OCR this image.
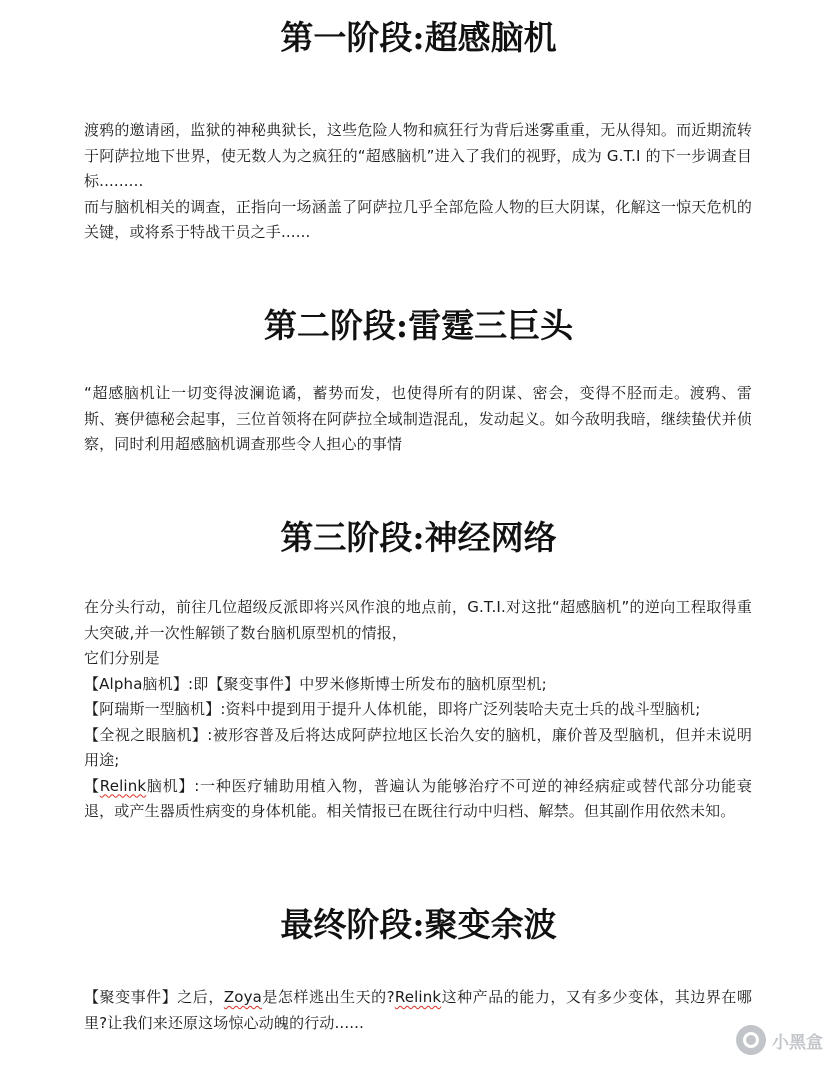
第一阶段:超感脑机

渡鸦的邀请函，监狱的神秘典狱长，这些危险人物和疯狂行为背后迷雾重重，无从得知。而近期流转于阿萨拉地下世界，使无数人为之疯狂的“超感脑机”进入了我们的视野，成为 G.T.I 的下一步调查目标.........

而与脑机相关的调查，正指向一场涵盖了阿萨拉几乎全部危险人物的巨大阴谋，化解这一惊天危机的关键，或将系于特战干员之手......

第二阶段:雷霆三巨头

“超感脑机让一切变得波澜诡谲，蓄势而发，也使得所有的阴谋、密会，变得不胫而走。渡鸦、雷斯、赛伊德秘会起事，三位首领将在阿萨拉全域制造混乱，发动起义。如今敌明我暗，继续蛰伏并侦察，同时利用超感脑机调查那些令人担心的事情

第三阶段:神经网络

在分头行动，前往几位超级反派即将兴风作浪的地点前，G.T.I.对这批“超感脑机”的逆向工程取得重大突破,并一次性解锁了数台脑机原型机的情报，

它们分别是

【Alpha脑机】:即【聚变事件】中罗米修斯博士所发布的脑机原型机;

【阿瑞斯一型脑机】:资料中提到用于提升人体机能，即将广泛列装哈夫克士兵的战斗型脑机;

【全视之眼脑机】:被形容普及后将达成阿萨拉地区长治久安的脑机，廉价普及型脑机，但并未说明用途;

【Relink脑机】:一种医疗辅助用植入物，普遍认为能够治疗不可逆的神经病症或替代部分功能衰退，或产生器质性病变的身体机能。相关情报已在既往行动中归档、解禁。但其副作用依然未知。

最终阶段:聚变余波

【聚变事件】之后，Zoya是怎样逃出生天的?Relink这种产品的能力，又有多少变体，其边界在哪里?让我们来还原这场惊心动魄的行动......

小黑盒
